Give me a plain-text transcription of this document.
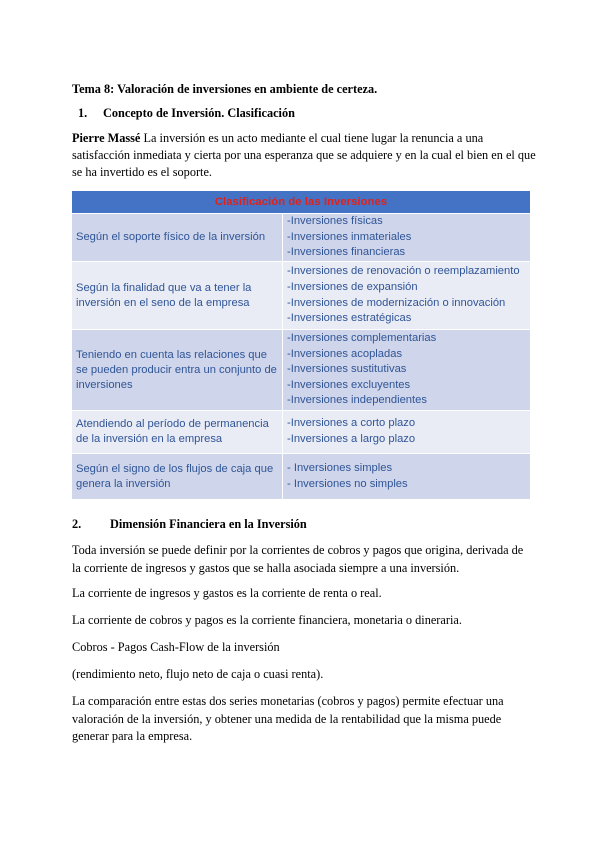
Tema 8: Valoración de inversiones en ambiente de certeza.
1. Concepto de Inversión. Clasificación
Pierre Massé La inversión es un acto mediante el cual tiene lugar la renuncia a una
satisfacción inmediata y cierta por una esperanza que se adquiere y en la cual el bien en el que
se ha invertido es el soporte.
Clasificación de las Inversiones
Según el soporte físico de la inversión
-Inversiones físicas
-Inversiones inmateriales
-Inversiones financieras
Según la finalidad que va a tener la inversión en el seno de la empresa
-Inversiones de renovación o reemplazamiento
-Inversiones de expansión
-Inversiones de modernización o innovación
-Inversiones estratégicas
Teniendo en cuenta las relaciones que se pueden producir entra un conjunto de inversiones
-Inversiones complementarias
-Inversiones acopladas
-Inversiones sustitutivas
-Inversiones excluyentes
-Inversiones independientes
Atendiendo al período de permanencia de la inversión en la empresa
-Inversiones a corto plazo
-Inversiones a largo plazo
Según el signo de los flujos de caja que genera la inversión
- Inversiones simples
- Inversiones no simples
2. Dimensión Financiera en la Inversión
Toda inversión se puede definir por la corrientes de cobros y pagos que origina, derivada de la corriente de ingresos y gastos que se halla asociada siempre a una inversión.
La corriente de ingresos y gastos es la corriente de renta o real.
La corriente de cobros y pagos es la corriente financiera, monetaria o dineraria.
Cobros - Pagos Cash-Flow de la inversión
(rendimiento neto, flujo neto de caja o cuasi renta).
La comparación entre estas dos series monetarias (cobros y pagos) permite efectuar una valoración de la inversión, y obtener una medida de la rentabilidad que la misma puede generar para la empresa.
